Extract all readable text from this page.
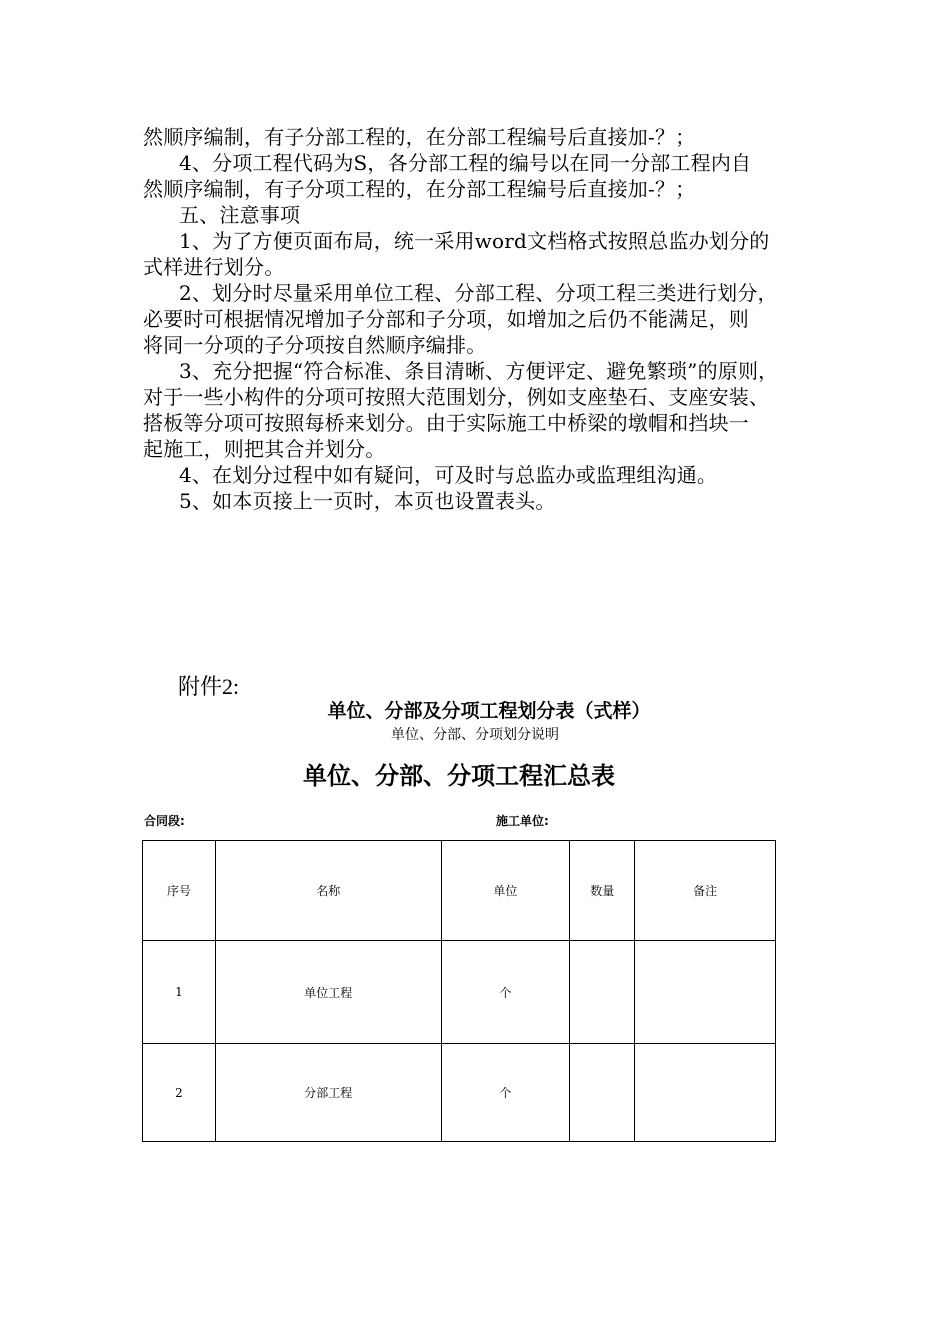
然顺序编制，有子分部工程的，在分部工程编号后直接加-？；

4、分项工程代码为S，各分部工程的编号以在同一分部工程内自

然顺序编制，有子分项工程的，在分部工程编号后直接加-？；

五、注意事项

1、为了方便页面布局，统一采用word文档格式按照总监办划分的

式样进行划分。

2、划分时尽量采用单位工程、分部工程、分项工程三类进行划分，

必要时可根据情况增加子分部和子分项，如增加之后仍不能满足，则

将同一分项的子分项按自然顺序编排。

3、充分把握“符合标准、条目清晰、方便评定、避免繁琐”的原则，

对于一些小构件的分项可按照大范围划分，例如支座垫石、支座安装、

搭板等分项可按照每桥来划分。由于实际施工中桥梁的墩帽和挡块一

起施工，则把其合并划分。

4、在划分过程中如有疑问，可及时与总监办或监理组沟通。

5、如本页接上一页时，本页也设置表头。

附件2:
单位、分部及分项工程划分表（式样）
单位、分部、分项划分说明
单位、分部、分项工程汇总表
合同段:	施工单位:
序号	名称	单位	数量	备注
1	单位工程	个		
2	分部工程	个		
